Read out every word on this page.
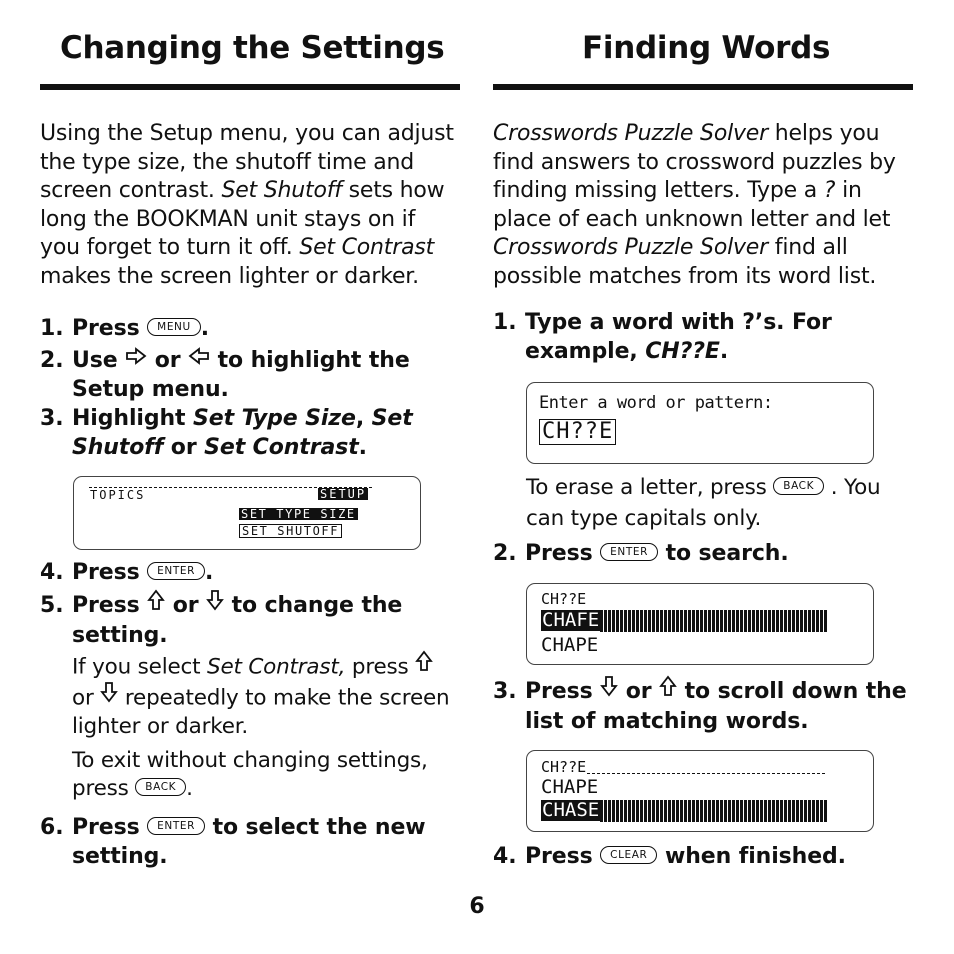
Changing the Settings

Using the Setup menu, you can adjust the type size, the shutoff time and screen contrast. Set Shutoff sets how long the BOOKMAN unit stays on if you forget to turn it off. Set Contrast makes the screen lighter or darker.

1. Press MENU .
2. Use or to highlight the Setup menu.
3. Highlight Set Type Size, Set Shutoff or Set Contrast.
TOPICS	SETUP
SET TYPE SIZE
SET SHUTOFF
4. Press ENTER .
5. Press or to change the setting.
If you select Set Contrast, press  or repeatedly to make the screen lighter or darker.
To exit without changing settings, press BACK .
6. Press ENTER to select the new setting.
Finding Words

Crosswords Puzzle Solver helps you find answers to crossword puzzles by finding missing letters. Type a ? in place of each unknown letter and let Crosswords Puzzle Solver find all possible matches from its word list.

1. Type a word with ?’s. For example, CH??E.
Enter a word or pattern:
CH??E
To erase a letter, press BACK . You can type capitals only.
2. Press ENTER to search.
CH??E
CHAFE
CHAPE
3. Press or to scroll down the list of matching words.
CH??E
CHAPE
CHASE
4. Press CLEAR when finished.
6
